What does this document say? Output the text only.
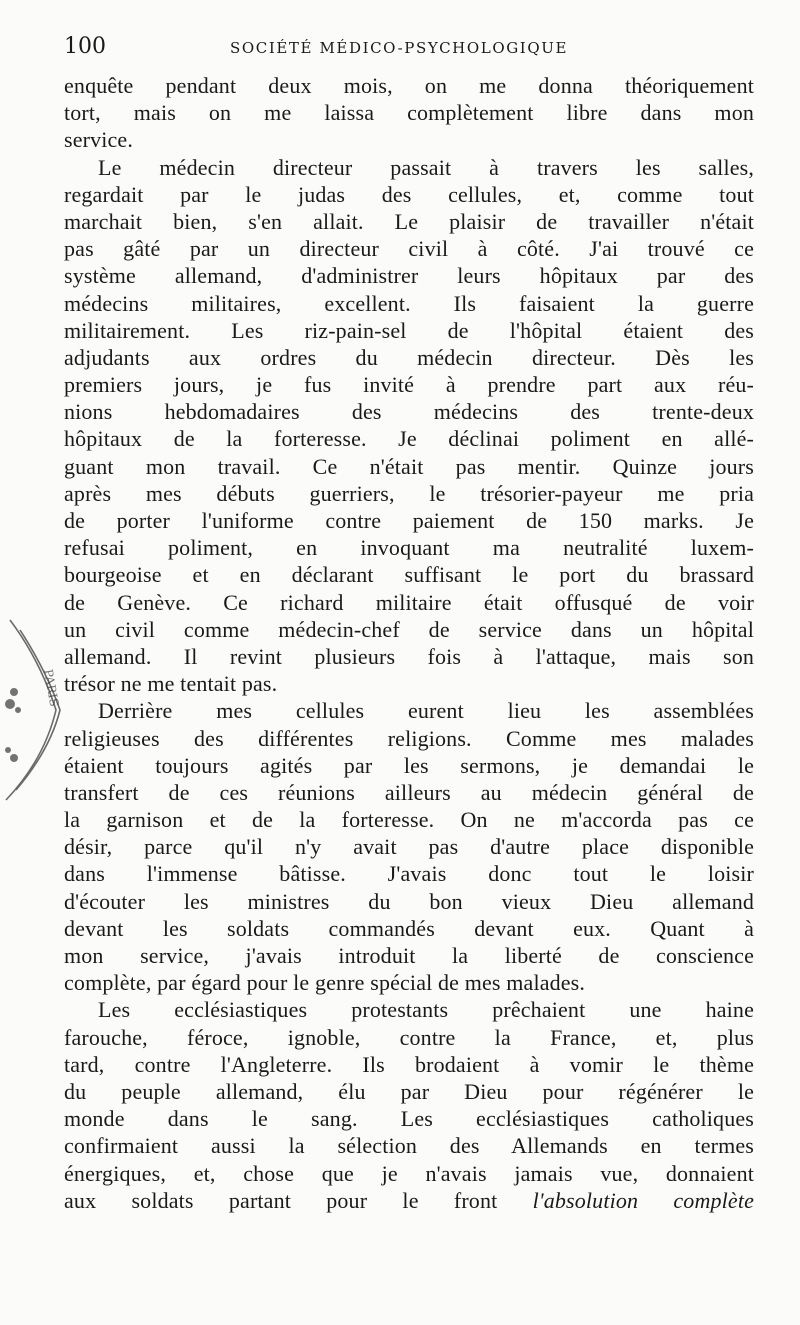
100	SOCIÉTÉ MÉDICO-PSYCHOLOGIQUE
enquête pendant deux mois, on me donna théoriquement
tort, mais on me laissa complètement libre dans mon
service.
Le médecin directeur passait à travers les salles,
regardait par le judas des cellules, et, comme tout
marchait bien, s'en allait. Le plaisir de travailler n'était
pas gâté par un directeur civil à côté. J'ai trouvé ce
système allemand, d'administrer leurs hôpitaux par des
médecins militaires, excellent. Ils faisaient la guerre
militairement. Les riz-pain-sel de l'hôpital étaient des
adjudants aux ordres du médecin directeur. Dès les
premiers jours, je fus invité à prendre part aux réu-
nions hebdomadaires des médecins des trente-deux
hôpitaux de la forteresse. Je déclinai poliment en allé-
guant mon travail. Ce n'était pas mentir. Quinze jours
après mes débuts guerriers, le trésorier-payeur me pria
de porter l'uniforme contre paiement de 150 marks. Je
refusai poliment, en invoquant ma neutralité luxem-
bourgeoise et en déclarant suffisant le port du brassard
de Genève. Ce richard militaire était offusqué de voir
un civil comme médecin-chef de service dans un hôpital
allemand. Il revint plusieurs fois à l'attaque, mais son
trésor ne me tentait pas.
Derrière mes cellules eurent lieu les assemblées
religieuses des différentes religions. Comme mes malades
étaient toujours agités par les sermons, je demandai le
transfert de ces réunions ailleurs au médecin général de
la garnison et de la forteresse. On ne m'accorda pas ce
désir, parce qu'il n'y avait pas d'autre place disponible
dans l'immense bâtisse. J'avais donc tout le loisir
d'écouter les ministres du bon vieux Dieu allemand
devant les soldats commandés devant eux. Quant à
mon service, j'avais introduit la liberté de conscience
complète, par égard pour le genre spécial de mes malades.
Les ecclésiastiques protestants prêchaient une haine
farouche, féroce, ignoble, contre la France, et, plus
tard, contre l'Angleterre. Ils brodaient à vomir le thème
du peuple allemand, élu par Dieu pour régénérer le
monde dans le sang. Les ecclésiastiques catholiques
confirmaient aussi la sélection des Allemands en termes
énergiques, et, chose que je n'avais jamais vue, donnaient
aux soldats partant pour le front l'absolution complète
PARIS
